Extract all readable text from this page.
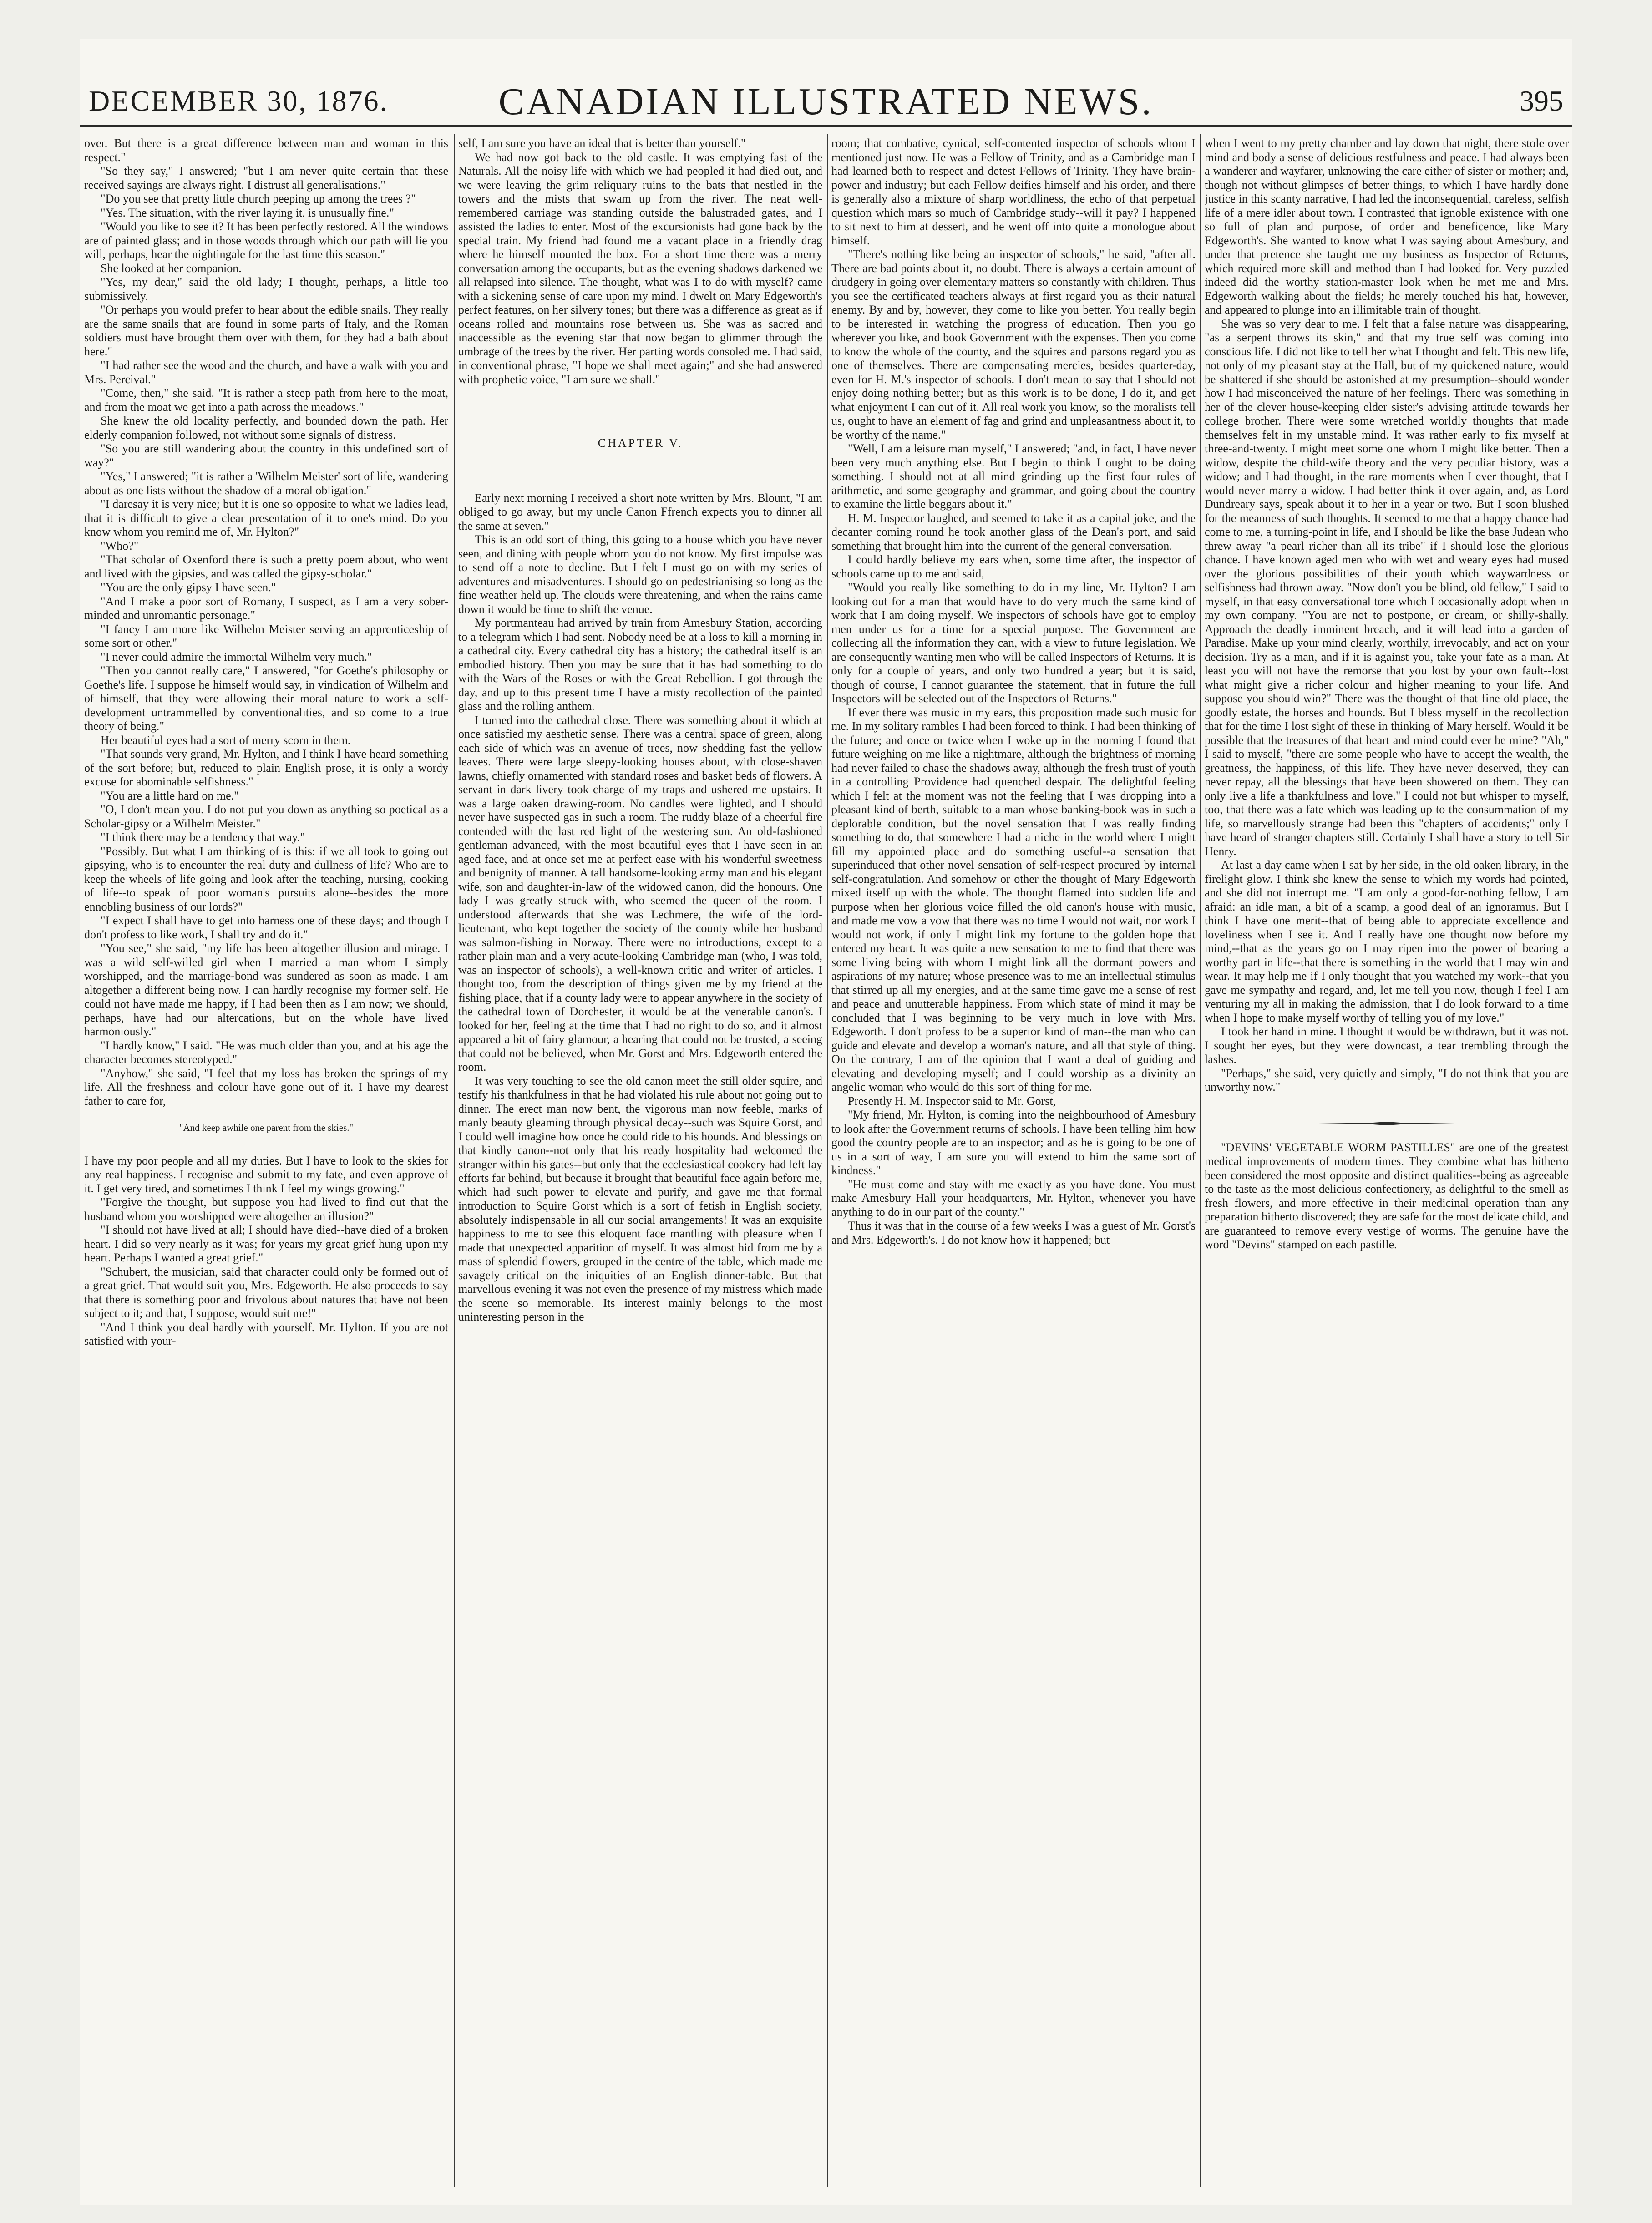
DECEMBER 30, 1876.	CANADIAN ILLUSTRATED NEWS.	395

over. But there is a great difference between man and woman in this respect."

"So they say," I answered; "but I am never quite certain that these received sayings are always right. I distrust all generalisations."

"Do you see that pretty little church peeping up among the trees ?"

"Yes. The situation, with the river laying it, is unusually fine."

"Would you like to see it? It has been perfectly restored. All the windows are of painted glass; and in those woods through which our path will lie you will, perhaps, hear the nightingale for the last time this season."

She looked at her companion.

"Yes, my dear," said the old lady; I thought, perhaps, a little too submissively.

"Or perhaps you would prefer to hear about the edible snails. They really are the same snails that are found in some parts of Italy, and the Roman soldiers must have brought them over with them, for they had a bath about here."

"I had rather see the wood and the church, and have a walk with you and Mrs. Percival."

"Come, then," she said. "It is rather a steep path from here to the moat, and from the moat we get into a path across the meadows."

She knew the old locality perfectly, and bounded down the path. Her elderly companion followed, not without some signals of distress.

"So you are still wandering about the country in this undefined sort of way?"

"Yes," I answered; "it is rather a 'Wilhelm Meister' sort of life, wandering about as one lists without the shadow of a moral obligation."

"I daresay it is very nice; but it is one so opposite to what we ladies lead, that it is difficult to give a clear presentation of it to one's mind. Do you know whom you remind me of, Mr. Hylton?"

"Who?"

"That scholar of Oxenford there is such a pretty poem about, who went and lived with the gipsies, and was called the gipsy-scholar."

"You are the only gipsy I have seen."

"And I make a poor sort of Romany, I suspect, as I am a very sober-minded and unromantic personage."

"I fancy I am more like Wilhelm Meister serving an apprenticeship of some sort or other."

"I never could admire the immortal Wilhelm very much."

"Then you cannot really care," I answered, "for Goethe's philosophy or Goethe's life. I suppose he himself would say, in vindication of Wilhelm and of himself, that they were allowing their moral nature to work a self-development untrammelled by conventionalities, and so come to a true theory of being."

Her beautiful eyes had a sort of merry scorn in them.

"That sounds very grand, Mr. Hylton, and I think I have heard something of the sort before; but, reduced to plain English prose, it is only a wordy excuse for abominable selfishness."

"You are a little hard on me."

"O, I don't mean you. I do not put you down as anything so poetical as a Scholar-gipsy or a Wilhelm Meister."

"I think there may be a tendency that way."

"Possibly. But what I am thinking of is this: if we all took to going out gipsying, who is to encounter the real duty and dullness of life? Who are to keep the wheels of life going and look after the teaching, nursing, cooking of life--to speak of poor woman's pursuits alone--besides the more ennobling business of our lords?"

"I expect I shall have to get into harness one of these days; and though I don't profess to like work, I shall try and do it."

"You see," she said, "my life has been altogether illusion and mirage. I was a wild self-willed girl when I married a man whom I simply worshipped, and the marriage-bond was sundered as soon as made. I am altogether a different being now. I can hardly recognise my former self. He could not have made me happy, if I had been then as I am now; we should, perhaps, have had our altercations, but on the whole have lived harmoniously."

"I hardly know," I said. "He was much older than you, and at his age the character becomes stereotyped."

"Anyhow," she said, "I feel that my loss has broken the springs of my life. All the freshness and colour have gone out of it. I have my dearest father to care for,

"And keep awhile one parent from the skies."

I have my poor people and all my duties. But I have to look to the skies for any real happiness. I recognise and submit to my fate, and even approve of it. I get very tired, and sometimes I think I feel my wings growing."

"Forgive the thought, but suppose you had lived to find out that the husband whom you worshipped were altogether an illusion?"

"I should not have lived at all; I should have died--have died of a broken heart. I did so very nearly as it was; for years my great grief hung upon my heart. Perhaps I wanted a great grief."

"Schubert, the musician, said that character could only be formed out of a great grief. That would suit you, Mrs. Edgeworth. He also proceeds to say that there is something poor and frivolous about natures that have not been subject to it; and that, I suppose, would suit me!"

"And I think you deal hardly with yourself. Mr. Hylton. If you are not satisfied with your-

self, I am sure you have an ideal that is better than yourself."

We had now got back to the old castle. It was emptying fast of the Naturals. All the noisy life with which we had peopled it had died out, and we were leaving the grim reliquary ruins to the bats that nestled in the towers and the mists that swam up from the river. The neat well-remembered carriage was standing outside the balustraded gates, and I assisted the ladies to enter. Most of the excursionists had gone back by the special train. My friend had found me a vacant place in a friendly drag where he himself mounted the box. For a short time there was a merry conversation among the occupants, but as the evening shadows darkened we all relapsed into silence. The thought, what was I to do with myself? came with a sickening sense of care upon my mind. I dwelt on Mary Edgeworth's perfect features, on her silvery tones; but there was a difference as great as if oceans rolled and mountains rose between us. She was as sacred and inaccessible as the evening star that now began to glimmer through the umbrage of the trees by the river. Her parting words consoled me. I had said, in conventional phrase, "I hope we shall meet again;" and she had answered with prophetic voice, "I am sure we shall."

CHAPTER V.

Early next morning I received a short note written by Mrs. Blount, "I am obliged to go away, but my uncle Canon Ffrench expects you to dinner all the same at seven."

This is an odd sort of thing, this going to a house which you have never seen, and dining with people whom you do not know. My first impulse was to send off a note to decline. But I felt I must go on with my series of adventures and misadventures. I should go on pedestrianising so long as the fine weather held up. The clouds were threatening, and when the rains came down it would be time to shift the venue.

My portmanteau had arrived by train from Amesbury Station, according to a telegram which I had sent. Nobody need be at a loss to kill a morning in a cathedral city. Every cathedral city has a history; the cathedral itself is an embodied history. Then you may be sure that it has had something to do with the Wars of the Roses or with the Great Rebellion. I got through the day, and up to this present time I have a misty recollection of the painted glass and the rolling anthem.

I turned into the cathedral close. There was something about it which at once satisfied my aesthetic sense. There was a central space of green, along each side of which was an avenue of trees, now shedding fast the yellow leaves. There were large sleepy-looking houses about, with close-shaven lawns, chiefly ornamented with standard roses and basket beds of flowers. A servant in dark livery took charge of my traps and ushered me upstairs. It was a large oaken drawing-room. No candles were lighted, and I should never have suspected gas in such a room. The ruddy blaze of a cheerful fire contended with the last red light of the westering sun. An old-fashioned gentleman advanced, with the most beautiful eyes that I have seen in an aged face, and at once set me at perfect ease with his wonderful sweetness and benignity of manner. A tall handsome-looking army man and his elegant wife, son and daughter-in-law of the widowed canon, did the honours. One lady I was greatly struck with, who seemed the queen of the room. I understood afterwards that she was Lechmere, the wife of the lord-lieutenant, who kept together the society of the county while her husband was salmon-fishing in Norway. There were no introductions, except to a rather plain man and a very acute-looking Cambridge man (who, I was told, was an inspector of schools), a well-known critic and writer of articles. I thought too, from the description of things given me by my friend at the fishing place, that if a county lady were to appear anywhere in the society of the cathedral town of Dorchester, it would be at the venerable canon's. I looked for her, feeling at the time that I had no right to do so, and it almost appeared a bit of fairy glamour, a hearing that could not be trusted, a seeing that could not be believed, when Mr. Gorst and Mrs. Edgeworth entered the room.

It was very touching to see the old canon meet the still older squire, and testify his thankfulness in that he had violated his rule about not going out to dinner. The erect man now bent, the vigorous man now feeble, marks of manly beauty gleaming through physical decay--such was Squire Gorst, and I could well imagine how once he could ride to his hounds. And blessings on that kindly canon--not only that his ready hospitality had welcomed the stranger within his gates--but only that the ecclesiastical cookery had left lay efforts far behind, but because it brought that beautiful face again before me, which had such power to elevate and purify, and gave me that formal introduction to Squire Gorst which is a sort of fetish in English society, absolutely indispensable in all our social arrangements! It was an exquisite happiness to me to see this eloquent face mantling with pleasure when I made that unexpected apparition of myself. It was almost hid from me by a mass of splendid flowers, grouped in the centre of the table, which made me savagely critical on the iniquities of an English dinner-table. But that marvellous evening it was not even the presence of my mistress which made the scene so memorable. Its interest mainly belongs to the most uninteresting person in the

room; that combative, cynical, self-contented inspector of schools whom I mentioned just now. He was a Fellow of Trinity, and as a Cambridge man I had learned both to respect and detest Fellows of Trinity. They have brain-power and industry; but each Fellow deifies himself and his order, and there is generally also a mixture of sharp worldliness, the echo of that perpetual question which mars so much of Cambridge study--will it pay? I happened to sit next to him at dessert, and he went off into quite a monologue about himself.

"There's nothing like being an inspector of schools," he said, "after all. There are bad points about it, no doubt. There is always a certain amount of drudgery in going over elementary matters so constantly with children. Thus you see the certificated teachers always at first regard you as their natural enemy. By and by, however, they come to like you better. You really begin to be interested in watching the progress of education. Then you go wherever you like, and book Government with the expenses. Then you come to know the whole of the county, and the squires and parsons regard you as one of themselves. There are compensating mercies, besides quarter-day, even for H. M.'s inspector of schools. I don't mean to say that I should not enjoy doing nothing better; but as this work is to be done, I do it, and get what enjoyment I can out of it. All real work you know, so the moralists tell us, ought to have an element of fag and grind and unpleasantness about it, to be worthy of the name."

"Well, I am a leisure man myself," I answered; "and, in fact, I have never been very much anything else. But I begin to think I ought to be doing something. I should not at all mind grinding up the first four rules of arithmetic, and some geography and grammar, and going about the country to examine the little beggars about it."

H. M. Inspector laughed, and seemed to take it as a capital joke, and the decanter coming round he took another glass of the Dean's port, and said something that brought him into the current of the general conversation.

I could hardly believe my ears when, some time after, the inspector of schools came up to me and said,

"Would you really like something to do in my line, Mr. Hylton? I am looking out for a man that would have to do very much the same kind of work that I am doing myself. We inspectors of schools have got to employ men under us for a time for a special purpose. The Government are collecting all the information they can, with a view to future legislation. We are consequently wanting men who will be called Inspectors of Returns. It is only for a couple of years, and only two hundred a year; but it is said, though of course, I cannot guarantee the statement, that in future the full Inspectors will be selected out of the Inspectors of Returns."

If ever there was music in my ears, this proposition made such music for me. In my solitary rambles I had been forced to think. I had been thinking of the future; and once or twice when I woke up in the morning I found that future weighing on me like a nightmare, although the brightness of morning had never failed to chase the shadows away, although the fresh trust of youth in a controlling Providence had quenched despair. The delightful feeling which I felt at the moment was not the feeling that I was dropping into a pleasant kind of berth, suitable to a man whose banking-book was in such a deplorable condition, but the novel sensation that I was really finding something to do, that somewhere I had a niche in the world where I might fill my appointed place and do something useful--a sensation that superinduced that other novel sensation of self-respect procured by internal self-congratulation. And somehow or other the thought of Mary Edgeworth mixed itself up with the whole. The thought flamed into sudden life and purpose when her glorious voice filled the old canon's house with music, and made me vow a vow that there was no time I would not wait, nor work I would not work, if only I might link my fortune to the golden hope that entered my heart. It was quite a new sensation to me to find that there was some living being with whom I might link all the dormant powers and aspirations of my nature; whose presence was to me an intellectual stimulus that stirred up all my energies, and at the same time gave me a sense of rest and peace and unutterable happiness. From which state of mind it may be concluded that I was beginning to be very much in love with Mrs. Edgeworth. I don't profess to be a superior kind of man--the man who can guide and elevate and develop a woman's nature, and all that style of thing. On the contrary, I am of the opinion that I want a deal of guiding and elevating and developing myself; and I could worship as a divinity an angelic woman who would do this sort of thing for me.

Presently H. M. Inspector said to Mr. Gorst,

"My friend, Mr. Hylton, is coming into the neighbourhood of Amesbury to look after the Government returns of schools. I have been telling him how good the country people are to an inspector; and as he is going to be one of us in a sort of way, I am sure you will extend to him the same sort of kindness."

"He must come and stay with me exactly as you have done. You must make Amesbury Hall your headquarters, Mr. Hylton, whenever you have anything to do in our part of the county."

Thus it was that in the course of a few weeks I was a guest of Mr. Gorst's and Mrs. Edgeworth's. I do not know how it happened; but

when I went to my pretty chamber and lay down that night, there stole over mind and body a sense of delicious restfulness and peace. I had always been a wanderer and wayfarer, unknowing the care either of sister or mother; and, though not without glimpses of better things, to which I have hardly done justice in this scanty narrative, I had led the inconsequential, careless, selfish life of a mere idler about town. I contrasted that ignoble existence with one so full of plan and purpose, of order and beneficence, like Mary Edgeworth's. She wanted to know what I was saying about Amesbury, and under that pretence she taught me my business as Inspector of Returns, which required more skill and method than I had looked for. Very puzzled indeed did the worthy station-master look when he met me and Mrs. Edgeworth walking about the fields; he merely touched his hat, however, and appeared to plunge into an illimitable train of thought.

She was so very dear to me. I felt that a false nature was disappearing, "as a serpent throws its skin," and that my true self was coming into conscious life. I did not like to tell her what I thought and felt. This new life, not only of my pleasant stay at the Hall, but of my quickened nature, would be shattered if she should be astonished at my presumption--should wonder how I had misconceived the nature of her feelings. There was something in her of the clever house-keeping elder sister's advising attitude towards her college brother. There were some wretched worldly thoughts that made themselves felt in my unstable mind. It was rather early to fix myself at three-and-twenty. I might meet some one whom I might like better. Then a widow, despite the child-wife theory and the very peculiar history, was a widow; and I had thought, in the rare moments when I ever thought, that I would never marry a widow. I had better think it over again, and, as Lord Dundreary says, speak about it to her in a year or two. But I soon blushed for the meanness of such thoughts. It seemed to me that a happy chance had come to me, a turning-point in life, and I should be like the base Judean who threw away "a pearl richer than all its tribe" if I should lose the glorious chance. I have known aged men who with wet and weary eyes had mused over the glorious possibilities of their youth which waywardness or selfishness had thrown away. "Now don't you be blind, old fellow," I said to myself, in that easy conversational tone which I occasionally adopt when in my own company. "You are not to postpone, or dream, or shilly-shally. Approach the deadly imminent breach, and it will lead into a garden of Paradise. Make up your mind clearly, worthily, irrevocably, and act on your decision. Try as a man, and if it is against you, take your fate as a man. At least you will not have the remorse that you lost by your own fault--lost what might give a richer colour and higher meaning to your life. And suppose you should win?" There was the thought of that fine old place, the goodly estate, the horses and hounds. But I bless myself in the recollection that for the time I lost sight of these in thinking of Mary herself. Would it be possible that the treasures of that heart and mind could ever be mine? "Ah," I said to myself, "there are some people who have to accept the wealth, the greatness, the happiness, of this life. They have never deserved, they can never repay, all the blessings that have been showered on them. They can only live a life a thankfulness and love." I could not but whisper to myself, too, that there was a fate which was leading up to the consummation of my life, so marvellously strange had been this "chapters of accidents;" only I have heard of stranger chapters still. Certainly I shall have a story to tell Sir Henry.

At last a day came when I sat by her side, in the old oaken library, in the firelight glow. I think she knew the sense to which my words had pointed, and she did not interrupt me. "I am only a good-for-nothing fellow, I am afraid: an idle man, a bit of a scamp, a good deal of an ignoramus. But I think I have one merit--that of being able to appreciate excellence and loveliness when I see it. And I really have one thought now before my mind,--that as the years go on I may ripen into the power of bearing a worthy part in life--that there is something in the world that I may win and wear. It may help me if I only thought that you watched my work--that you gave me sympathy and regard, and, let me tell you now, though I feel I am venturing my all in making the admission, that I do look forward to a time when I hope to make myself worthy of telling you of my love."

I took her hand in mine. I thought it would be withdrawn, but it was not. I sought her eyes, but they were downcast, a tear trembling through the lashes.

"Perhaps," she said, very quietly and simply, "I do not think that you are unworthy now."

"DEVINS' VEGETABLE WORM PASTILLES" are one of the greatest medical improvements of modern times. They combine what has hitherto been considered the most opposite and distinct qualities--being as agreeable to the taste as the most delicious confectionery, as delightful to the smell as fresh flowers, and more effective in their medicinal operation than any preparation hitherto discovered; they are safe for the most delicate child, and are guaranteed to remove every vestige of worms. The genuine have the word "Devins" stamped on each pastille.
